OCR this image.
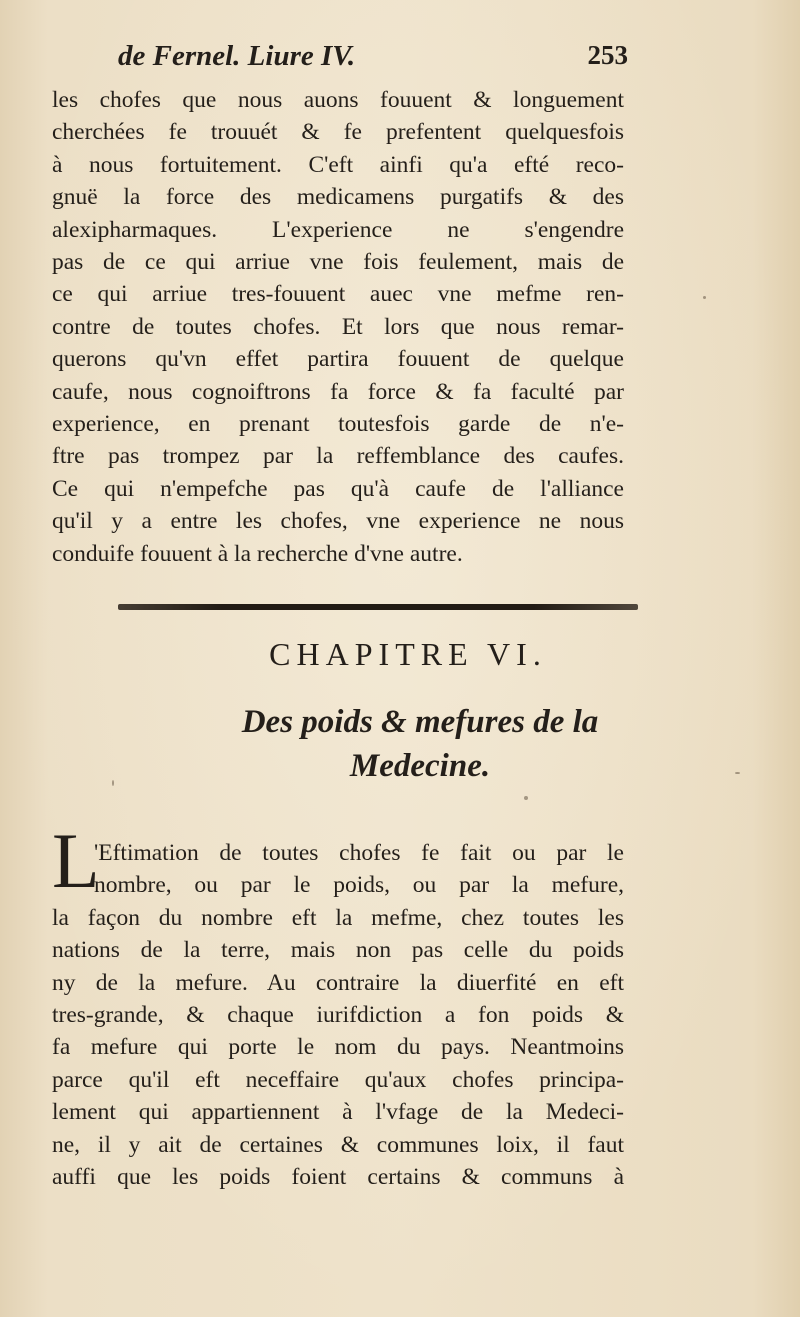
de Fernel. Liure IV.	253
les chofes que nous auons fouuent & longuement
cherchées fe trouuét & fe prefentent quelquesfois
à nous fortuitement. C'eft ainfi qu'a efté reco-
gnuë la force des medicamens purgatifs & des
alexipharmaques. L'experience ne s'engendre
pas de ce qui arriue vne fois feulement, mais de
ce qui arriue tres-fouuent auec vne mefme ren-
contre de toutes chofes. Et lors que nous remar-
querons qu'vn effet partira fouuent de quelque
caufe, nous cognoiftrons fa force & fa faculté par
experience, en prenant toutesfois garde de n'e-
ftre pas trompez par la reffemblance des caufes.
Ce qui n'empefche pas qu'à caufe de l'alliance
qu'il y a entre les chofes, vne experience ne nous
conduife fouuent à la recherche d'vne autre.
CHAPITRE VI.
Des poids & mefures de la
Medecine.
L
'Eftimation de toutes chofes fe fait ou par le
nombre, ou par le poids, ou par la mefure,
la façon du nombre eft la mefme, chez toutes les
nations de la terre, mais non pas celle du poids
ny de la mefure. Au contraire la diuerfité en eft
tres-grande, & chaque iurifdiction a fon poids &
fa mefure qui porte le nom du pays. Neantmoins
parce qu'il eft neceffaire qu'aux chofes principa-
lement qui appartiennent à l'vfage de la Medeci-
ne, il y ait de certaines & communes loix, il faut
auffi que les poids foient certains & communs à
